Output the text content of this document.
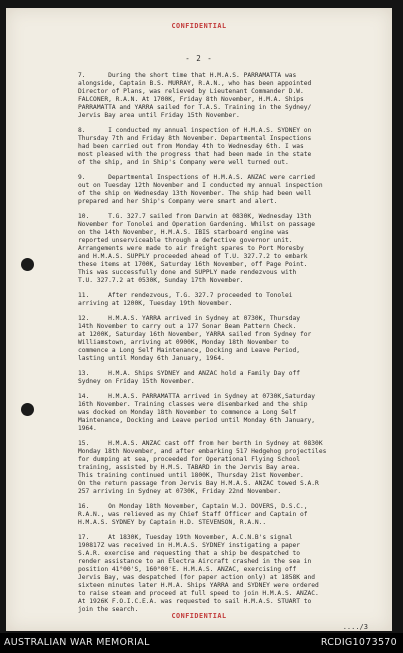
CONFIDENTIAL
- 2 -
7.      During the short time that H.M.A.S. PARRAMATTA was
alongside, Captain B.S. MURRAY, R.A.N., who has been appointed
Director of Plans, was relieved by Lieutenant Commander D.W.
FALCONER, R.A.N. At 1700K, Friday 8th November, H.M.A. Ships
PARRAMATTA and YARRA sailed for T.A.S. Training in the Sydney/
Jervis Bay area until Friday 15th November.
8.      I conducted my annual inspection of H.M.A.S. SYDNEY on
Thursday 7th and Friday 8th November. Departmental Inspections
had been carried out from Monday 4th to Wednesday 6th. I was
most pleased with the progress that had been made in the state
of the ship, and in Ship's Company were well turned out.
9.      Departmental Inspections of H.M.A.S. ANZAC were carried
out on Tuesday 12th November and I conducted my annual inspection
of the ship on Wednesday 13th November. The ship had been well
prepared and her Ship's Company were smart and alert.
10.     T.G. 327.7 sailed from Darwin at 0830K, Wednesday 13th
November for Tonolei and Operation Gardening. Whilst on passage
on the 14th November, H.M.A.S. IBIS starboard engine was
reported unserviceable through a defective governor unit.
Arrangements were made to air freight spares to Port Moresby
and H.M.A.S. SUPPLY proceeded ahead of T.U. 327.7.2 to embark
these items at 1700K, Saturday 16th November, off Page Point.
This was successfully done and SUPPLY made rendezvous with
T.U. 327.7.2 at 0530K, Sunday 17th November.
11.     After rendezvous, T.G. 327.7 proceeded to Tonolei
arriving at 1200K, Tuesday 19th November.
12.     H.M.A.S. YARRA arrived in Sydney at 0730K, Thursday
14th November to carry out a 177 Sonar Beam Pattern Check.
at 1200K, Saturday 16th November, YARRA sailed from Sydney for
Williamstown, arriving at 0900K, Monday 18th November to
commence a Long Self Maintenance, Docking and Leave Period,
lasting until Monday 6th January, 1964.
13.     H.M.A. Ships SYDNEY and ANZAC hold a Family Day off
Sydney on Friday 15th November.
14.     H.M.A.S. PARRAMATTA arrived in Sydney at 0730K,Saturday
16th November. Training classes were disembarked and the ship
was docked on Monday 18th November to commence a Long Self
Maintenance, Docking and Leave period until Monday 6th January,
1964.
15.     H.M.A.S. ANZAC cast off from her berth in Sydney at 0830K
Monday 18th November, and after embarking 517 Hedgehog projectiles
for dumping at sea, proceeded for Operational Flying School
training, assisted by H.M.S. TABARD in the Jervis Bay area.
This training continued until 1800K, Thursday 21st November.
On the return passage from Jervis Bay H.M.A.S. ANZAC towed S.A.R
257 arriving in Sydney at 0730K, Friday 22nd November.
16.     On Monday 18th November, Captain W.J. DOVERS, D.S.C.,
R.A.N., was relieved as my Chief Staff Officer and Captain of
H.M.A.S. SYDNEY by Captain H.D. STEVENSON, R.A.N..
17.     At 1830K, Tuesday 19th November, A.C.N.B's signal
190817Z was received in H.M.A.S. SYDNEY instigating a paper
S.A.R. exercise and requesting that a ship be despatched to
render assistance to an Electra Aircraft crashed in the sea in
position 41°00'S, 160°00'E. H.M.A.S. ANZAC, exercising off
Jervis Bay, was despatched (for paper action only) at 1858K and
sixteen minutes later H.M.A. Ships YARRA and SYDNEY were ordered
to raise steam and proceed at full speed to join H.M.A.S. ANZAC.
At 1926K F.O.I.C.E.A. was requested to sail H.M.A.S. STUART to
join the search.
CONFIDENTIAL
..../3
AUSTRALIAN WAR MEMORIAL	RCDIG1073570
